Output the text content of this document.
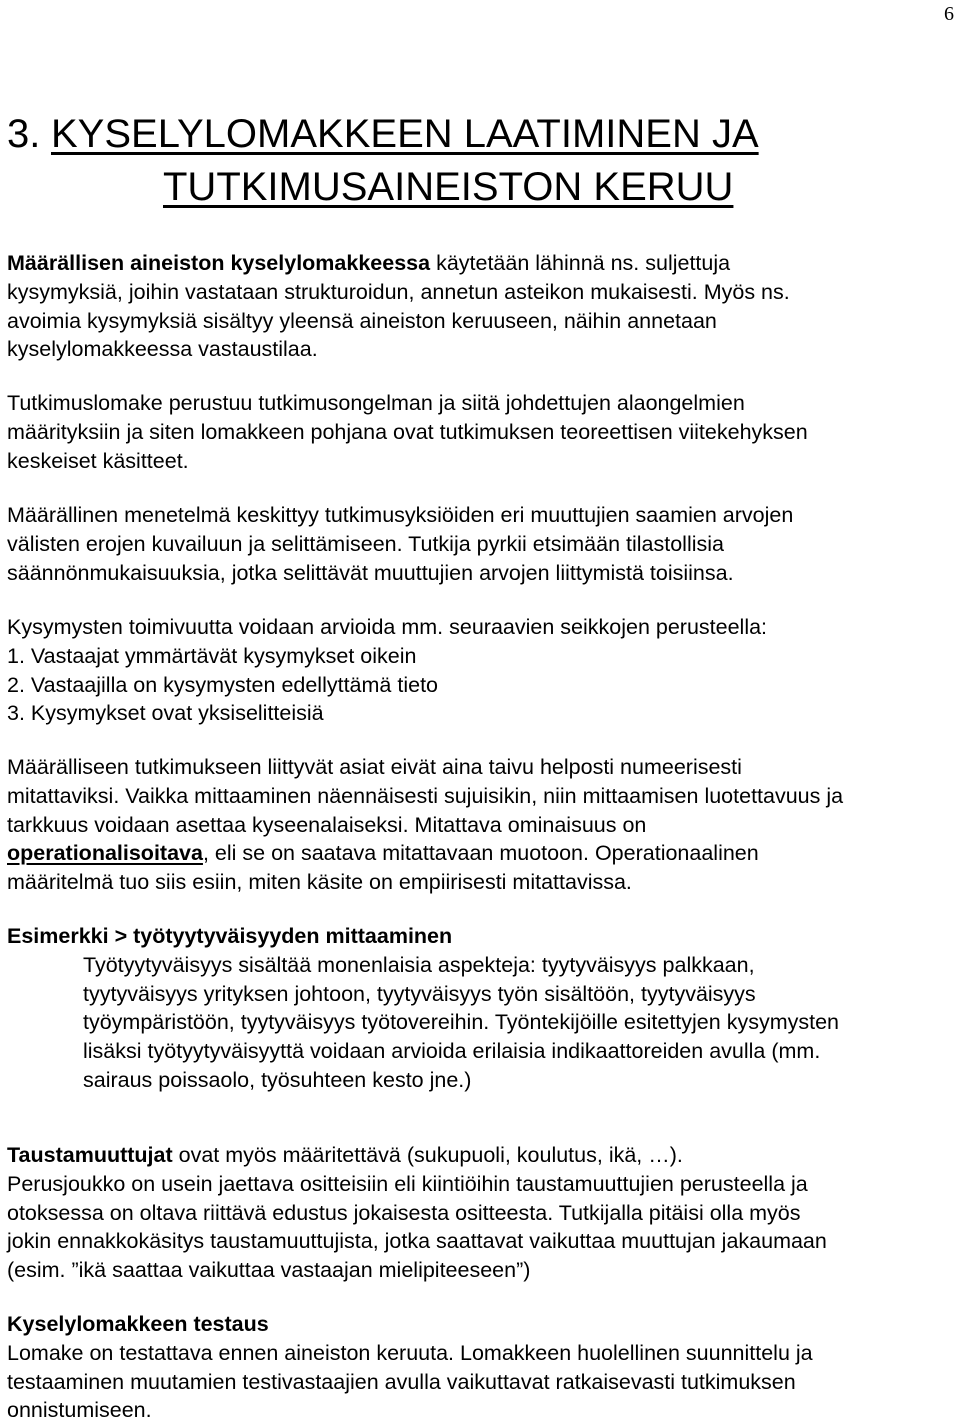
6
3. KYSELYLOMAKKEEN LAATIMINEN JA
TUTKIMUSAINEISTON KERUU
Määrällisen aineiston kyselylomakkeessa käytetään lähinnä ns. suljettuja
kysymyksiä, joihin vastataan strukturoidun, annetun asteikon mukaisesti. Myös ns.
avoimia kysymyksiä sisältyy yleensä aineiston keruuseen, näihin annetaan
kyselylomakkeessa vastaustilaa.
Tutkimuslomake perustuu tutkimusongelman ja siitä johdettujen alaongelmien
määrityksiin ja siten lomakkeen pohjana ovat tutkimuksen teoreettisen viitekehyksen
keskeiset käsitteet.
Määrällinen menetelmä keskittyy tutkimusyksiöiden eri muuttujien saamien arvojen
välisten erojen kuvailuun ja selittämiseen. Tutkija pyrkii etsimään tilastollisia
säännönmukaisuuksia, jotka selittävät muuttujien arvojen liittymistä toisiinsa.
Kysymysten toimivuutta voidaan arvioida mm. seuraavien seikkojen perusteella:
1. Vastaajat ymmärtävät kysymykset oikein
2. Vastaajilla on kysymysten edellyttämä tieto
3. Kysymykset ovat yksiselitteisiä
Määrälliseen tutkimukseen liittyvät asiat eivät aina taivu helposti numeerisesti
mitattaviksi. Vaikka mittaaminen näennäisesti sujuisikin, niin mittaamisen luotettavuus ja
tarkkuus voidaan asettaa kyseenalaiseksi. Mitattava ominaisuus on
operationalisoitava, eli se on saatava mitattavaan muotoon. Operationaalinen
määritelmä tuo siis esiin, miten käsite on empiirisesti mitattavissa.
Esimerkki > työtyytyväisyyden mittaaminen
Työtyytyväisyys sisältää monenlaisia aspekteja: tyytyväisyys palkkaan,
tyytyväisyys yrityksen johtoon, tyytyväisyys työn sisältöön, tyytyväisyys
työympäristöön, tyytyväisyys työtovereihin. Työntekijöille esitettyjen kysymysten
lisäksi työtyytyväisyyttä voidaan arvioida erilaisia indikaattoreiden avulla (mm.
sairaus poissaolo, työsuhteen kesto jne.)
Taustamuuttujat ovat myös määritettävä (sukupuoli, koulutus, ikä, …).
Perusjoukko on usein jaettava ositteisiin eli kiintiöihin taustamuuttujien perusteella ja
otoksessa on oltava riittävä edustus jokaisesta ositteesta. Tutkijalla pitäisi olla myös
jokin ennakkokäsitys taustamuuttujista, jotka saattavat vaikuttaa muuttujan jakaumaan
(esim. ”ikä saattaa vaikuttaa vastaajan mielipiteeseen”)
Kyselylomakkeen testaus
Lomake on testattava ennen aineiston keruuta. Lomakkeen huolellinen suunnittelu ja
testaaminen muutamien testivastaajien avulla vaikuttavat ratkaisevasti tutkimuksen
onnistumiseen.
